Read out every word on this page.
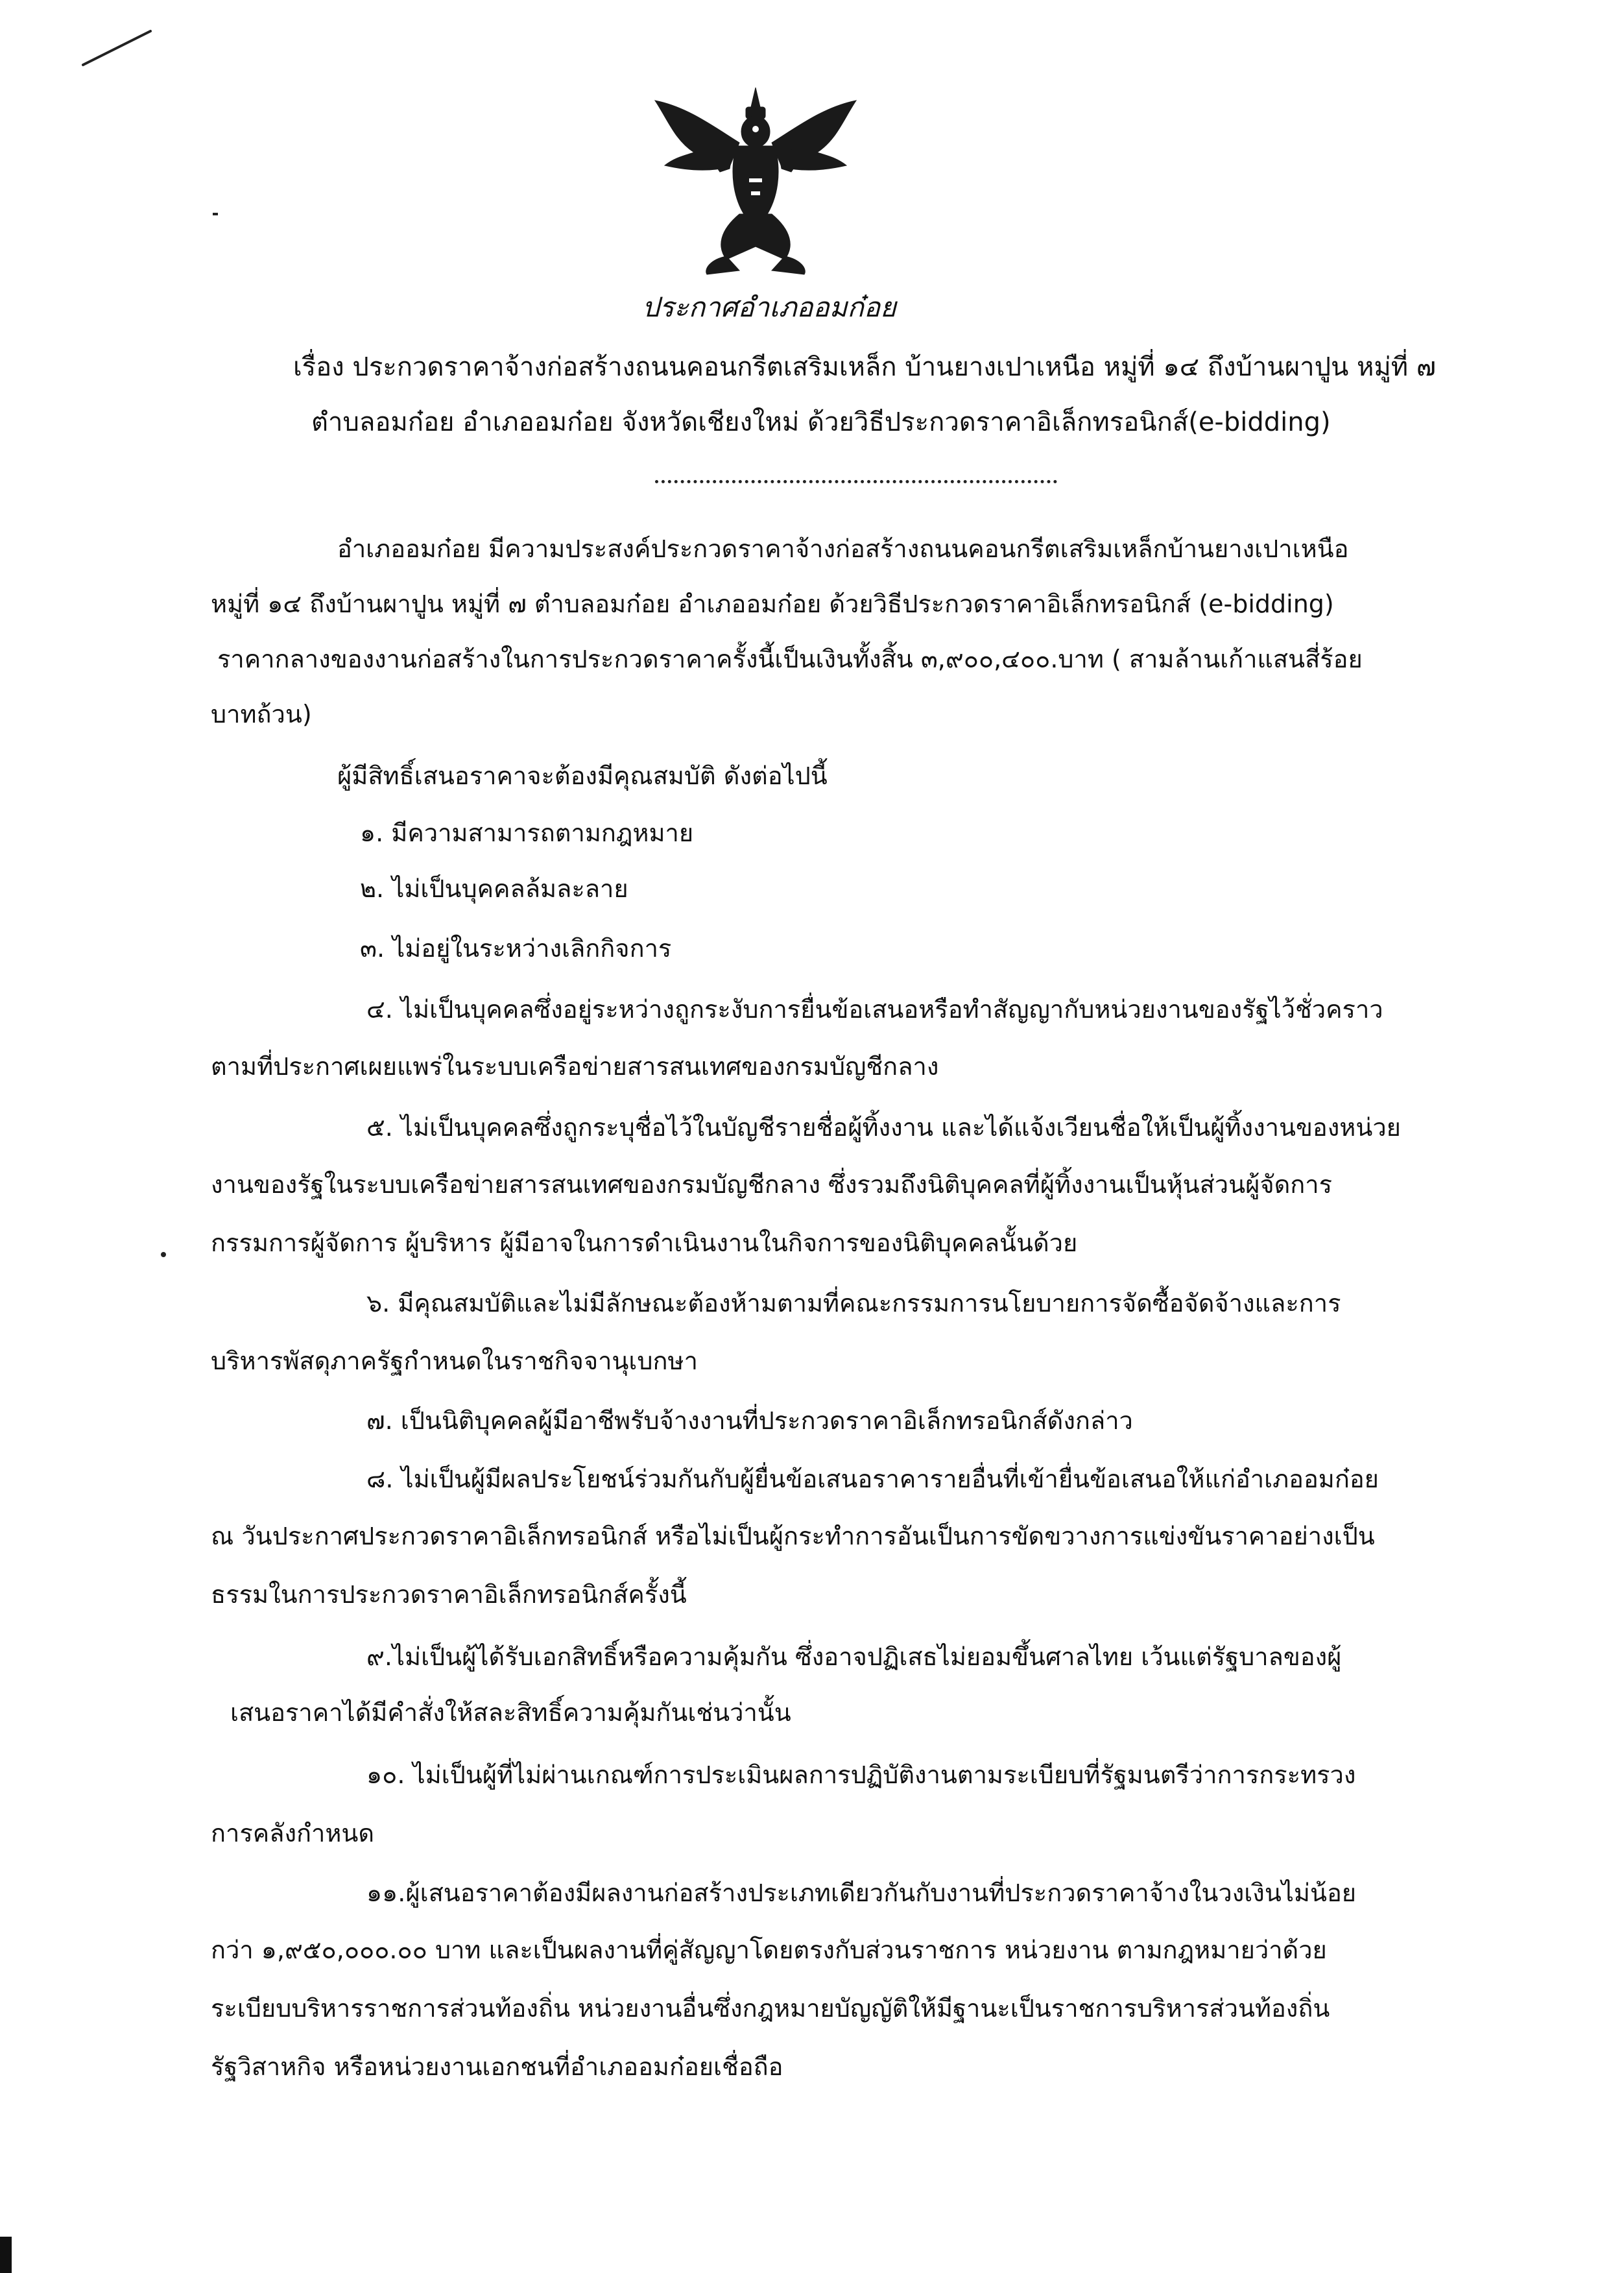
ประกาศอำเภออมก๋อย
เรื่อง ประกวดราคาจ้างก่อสร้างถนนคอนกรีตเสริมเหล็ก บ้านยางเปาเหนือ หมู่ที่ ๑๔ ถึงบ้านผาปูน หมู่ที่ ๗
ตำบลอมก๋อย อำเภออมก๋อย จังหวัดเชียงใหม่ ด้วยวิธีประกวดราคาอิเล็กทรอนิกส์(e-bidding)
อำเภออมก๋อย มีความประสงค์ประกวดราคาจ้างก่อสร้างถนนคอนกรีตเสริมเหล็กบ้านยางเปาเหนือ
หมู่ที่ ๑๔ ถึงบ้านผาปูน หมู่ที่ ๗ ตำบลอมก๋อย อำเภออมก๋อย ด้วยวิธีประกวดราคาอิเล็กทรอนิกส์ (e-bidding)
ราคากลางของงานก่อสร้างในการประกวดราคาครั้งนี้เป็นเงินทั้งสิ้น ๓,๙๐๐,๔๐๐.บาท ( สามล้านเก้าแสนสี่ร้อย
บาทถ้วน)
ผู้มีสิทธิ์เสนอราคาจะต้องมีคุณสมบัติ ดังต่อไปนี้
๑. มีความสามารถตามกฎหมาย
๒. ไม่เป็นบุคคลล้มละลาย
๓. ไม่อยู่ในระหว่างเลิกกิจการ
๔. ไม่เป็นบุคคลซึ่งอยู่ระหว่างถูกระงับการยื่นข้อเสนอหรือทำสัญญากับหน่วยงานของรัฐไว้ชั่วคราว
ตามที่ประกาศเผยแพร่ในระบบเครือข่ายสารสนเทศของกรมบัญชีกลาง
๕. ไม่เป็นบุคคลซึ่งถูกระบุชื่อไว้ในบัญชีรายชื่อผู้ทิ้งงาน และได้แจ้งเวียนชื่อให้เป็นผู้ทิ้งงานของหน่วย
งานของรัฐในระบบเครือข่ายสารสนเทศของกรมบัญชีกลาง ซึ่งรวมถึงนิติบุคคลที่ผู้ทิ้งงานเป็นหุ้นส่วนผู้จัดการ
กรรมการผู้จัดการ ผู้บริหาร ผู้มีอาจในการดำเนินงานในกิจการของนิติบุคคลนั้นด้วย
๖. มีคุณสมบัติและไม่มีลักษณะต้องห้ามตามที่คณะกรรมการนโยบายการจัดซื้อจัดจ้างและการ
บริหารพัสดุภาครัฐกำหนดในราชกิจจานุเบกษา
๗. เป็นนิติบุคคลผู้มีอาชีพรับจ้างงานที่ประกวดราคาอิเล็กทรอนิกส์ดังกล่าว
๘. ไม่เป็นผู้มีผลประโยชน์ร่วมกันกับผู้ยื่นข้อเสนอราคารายอื่นที่เข้ายื่นข้อเสนอให้แก่อำเภออมก๋อย
ณ วันประกาศประกวดราคาอิเล็กทรอนิกส์ หรือไม่เป็นผู้กระทำการอันเป็นการขัดขวางการแข่งขันราคาอย่างเป็น
ธรรมในการประกวดราคาอิเล็กทรอนิกส์ครั้งนี้
๙.ไม่เป็นผู้ได้รับเอกสิทธิ์หรือความคุ้มกัน ซึ่งอาจปฏิเสธไม่ยอมขึ้นศาลไทย เว้นแต่รัฐบาลของผู้
เสนอราคาได้มีคำสั่งให้สละสิทธิ์ความคุ้มกันเช่นว่านั้น
๑๐. ไม่เป็นผู้ที่ไม่ผ่านเกณฑ์การประเมินผลการปฏิบัติงานตามระเบียบที่รัฐมนตรีว่าการกระทรวง
การคลังกำหนด
๑๑.ผู้เสนอราคาต้องมีผลงานก่อสร้างประเภทเดียวกันกับงานที่ประกวดราคาจ้างในวงเงินไม่น้อย
กว่า ๑,๙๕๐,๐๐๐.๐๐ บาท และเป็นผลงานที่คู่สัญญาโดยตรงกับส่วนราชการ หน่วยงาน ตามกฎหมายว่าด้วย
ระเบียบบริหารราชการส่วนท้องถิ่น หน่วยงานอื่นซึ่งกฎหมายบัญญัติให้มีฐานะเป็นราชการบริหารส่วนท้องถิ่น
รัฐวิสาหกิจ หรือหน่วยงานเอกชนที่อำเภออมก๋อยเชื่อถือ
